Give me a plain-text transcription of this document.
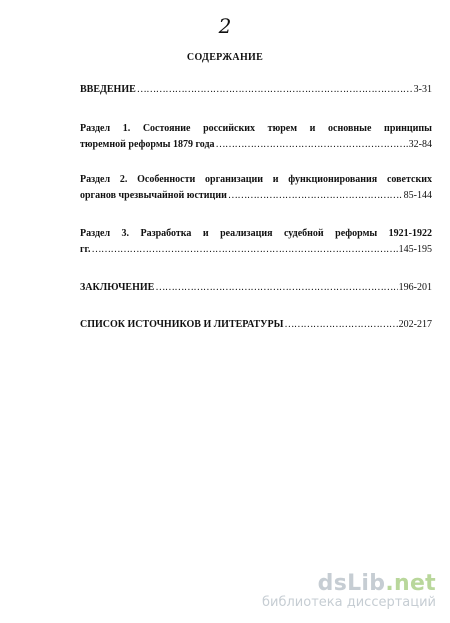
2
СОДЕРЖАНИЕ
ВВЕДЕНИЕ ………………………………………………………………………………………………………………………………………………	3-31
Раздел 1. Состояние российских тюрем и основные принципы
тюремной реформы 1879 года ………………………………………………………………………………………………………………………………………………	32-84
Раздел 2. Особенности организации и функционирования советских
органов чрезвычайной юстиции ………………………………………………………………………………………………………………………………………………	85-144
Раздел 3. Разработка и реализация судебной реформы 1921-1922
гг. ………………………………………………………………………………………………………………………………………………	145-195
ЗАКЛЮЧЕНИЕ ………………………………………………………………………………………………………………………………………………	196-201
СПИСОК ИСТОЧНИКОВ И ЛИТЕРАТУРЫ ………………………………………………………………………………………………………………………………………………	202-217
dsLib.net
библиотека диссертаций
